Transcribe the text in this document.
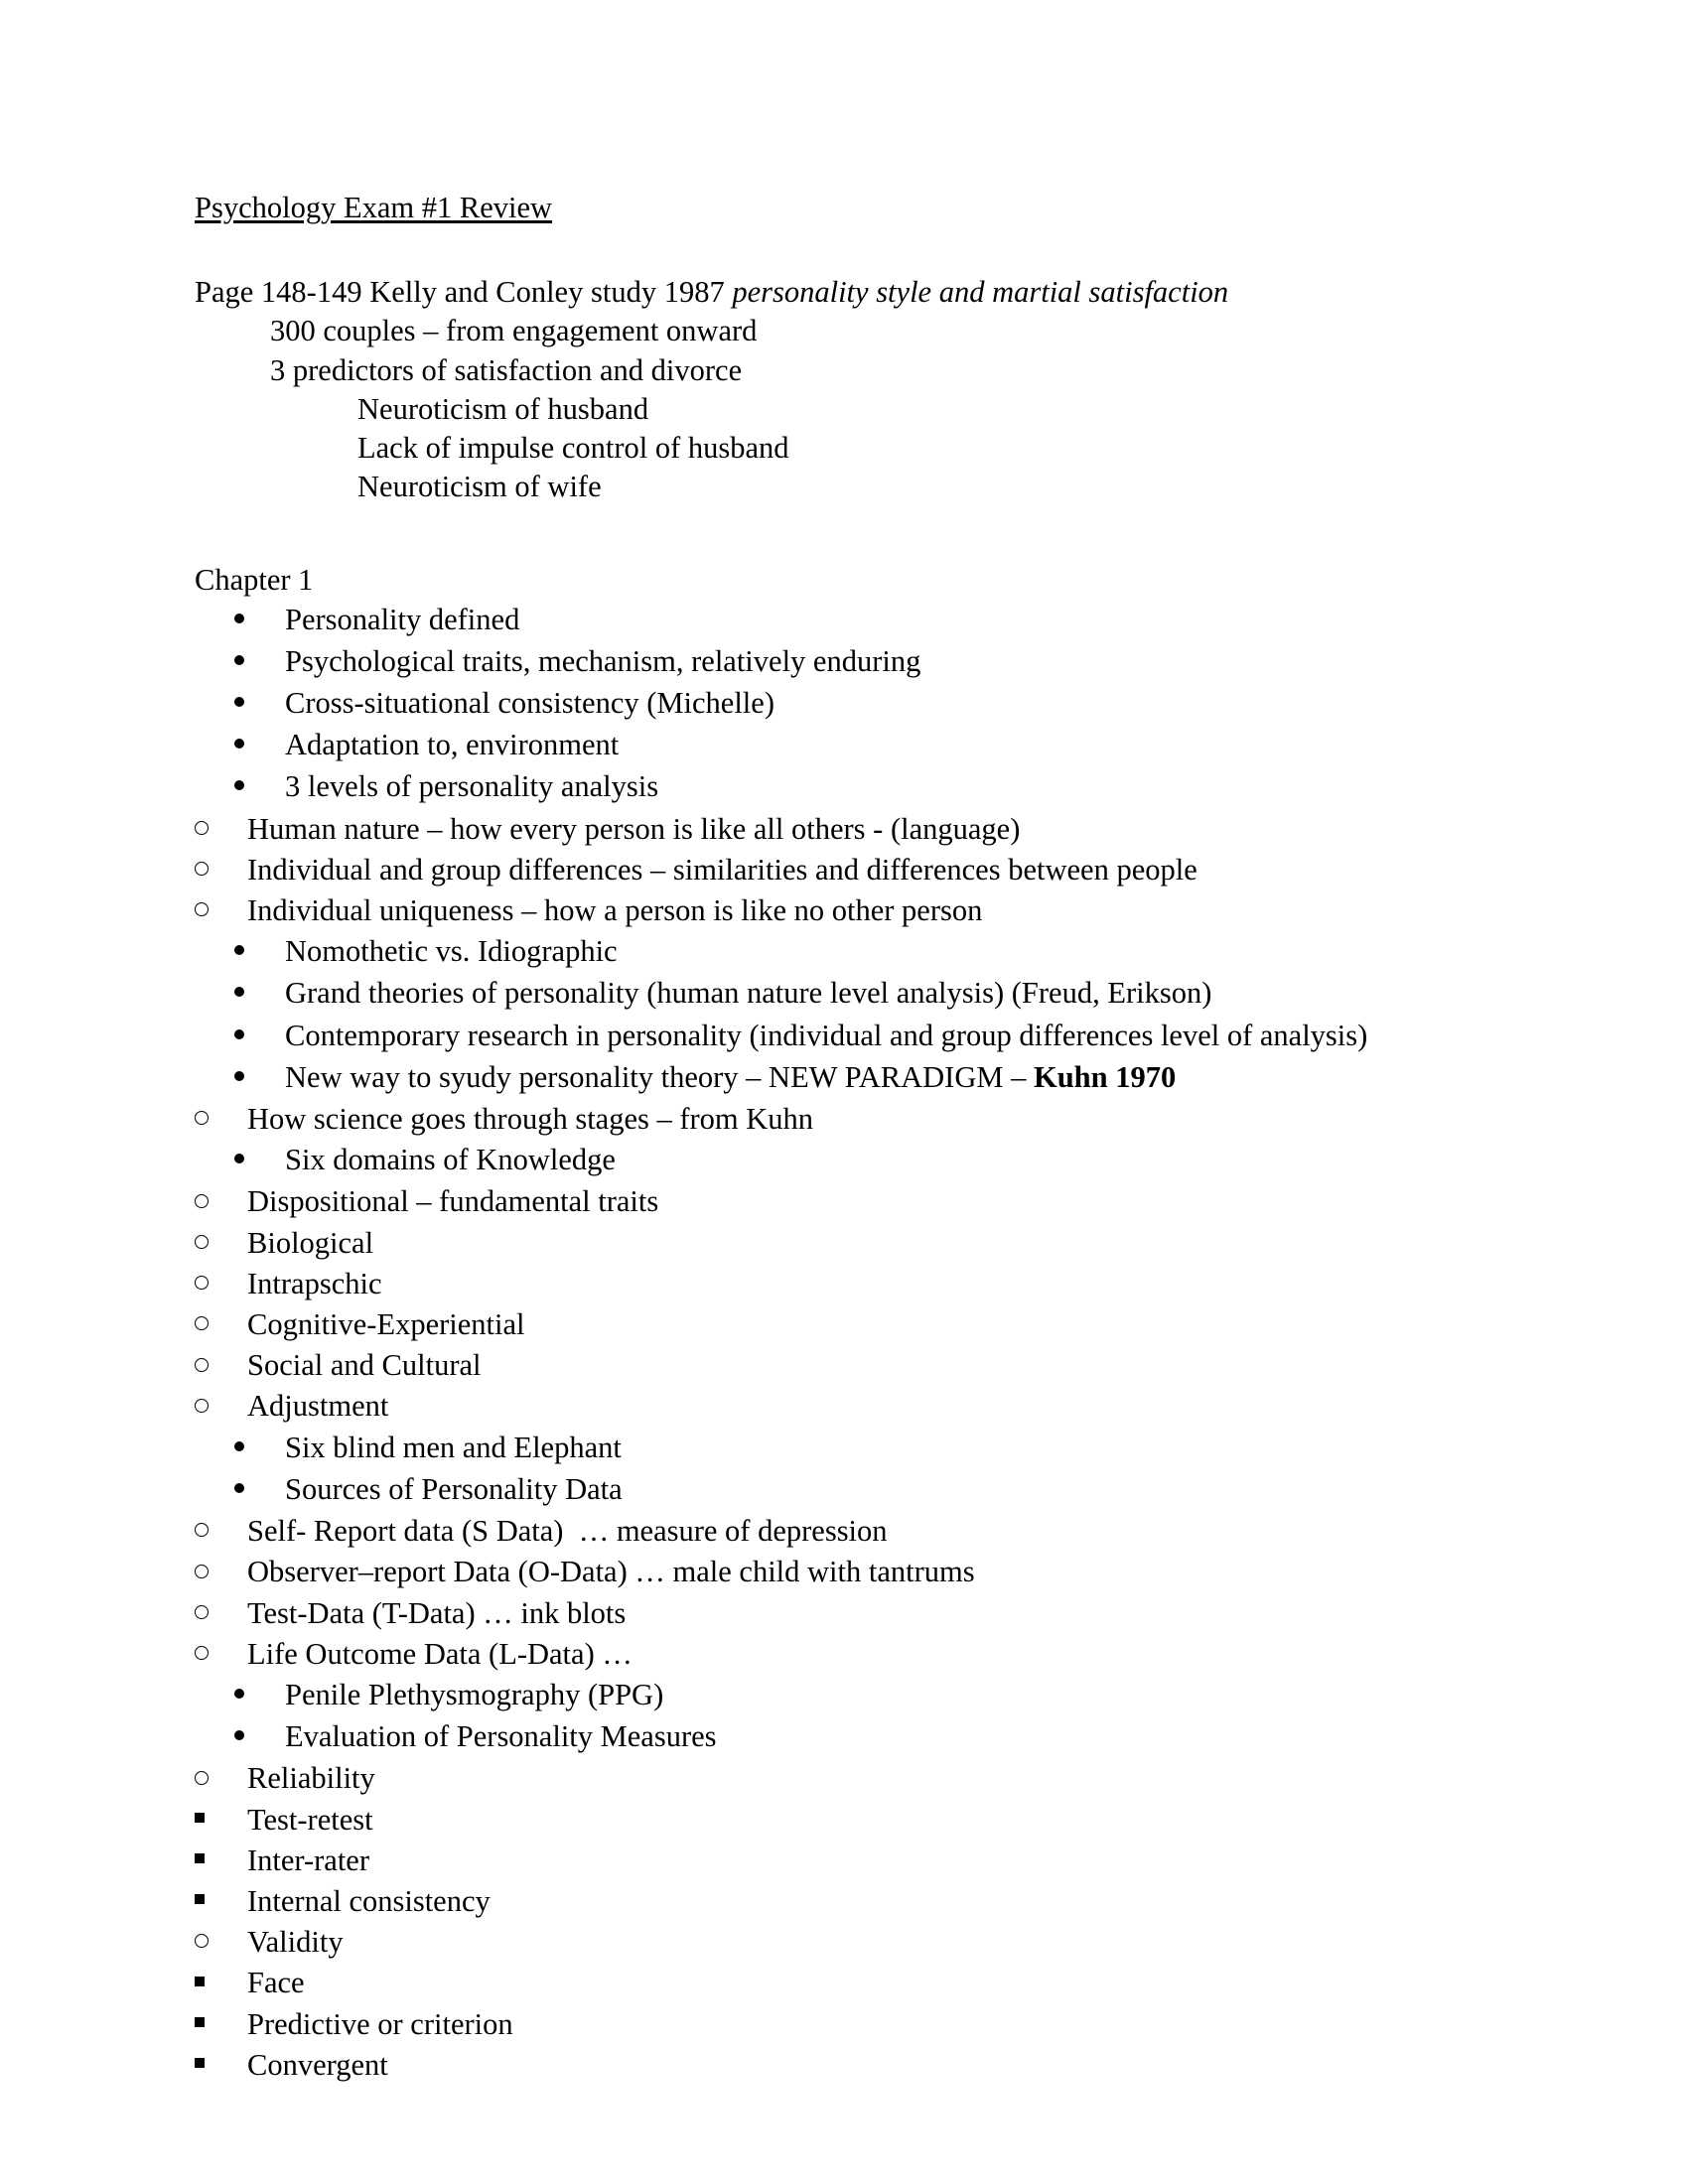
Psychology Exam #1 Review
Page 148-149 Kelly and Conley study 1987 personality style and martial satisfaction
300 couples – from engagement onward
3 predictors of satisfaction and divorce
Neuroticism of husband
Lack of impulse control of husband
Neuroticism of wife
Chapter 1
Personality defined
Psychological traits, mechanism, relatively enduring
Cross-situational consistency (Michelle)
Adaptation to, environment
3 levels of personality analysis
Human nature – how every person is like all others - (language)
Individual and group differences – similarities and differences between people
Individual uniqueness – how a person is like no other person
Nomothetic vs. Idiographic
Grand theories of personality (human nature level analysis) (Freud, Erikson)
Contemporary research in personality (individual and group differences level of analysis)
New way to syudy personality theory – NEW PARADIGM – Kuhn 1970
How science goes through stages – from Kuhn
Six domains of Knowledge
Dispositional – fundamental traits
Biological
Intrapschic
Cognitive-Experiential
Social and Cultural
Adjustment
Six blind men and Elephant
Sources of Personality Data
Self- Report data (S Data)  … measure of depression
Observer–report Data (O-Data) … male child with tantrums
Test-Data (T-Data) … ink blots
Life Outcome Data (L-Data) …
Penile Plethysmography (PPG)
Evaluation of Personality Measures
Reliability
Test-retest
Inter-rater
Internal consistency
Validity
Face
Predictive or criterion
Convergent
